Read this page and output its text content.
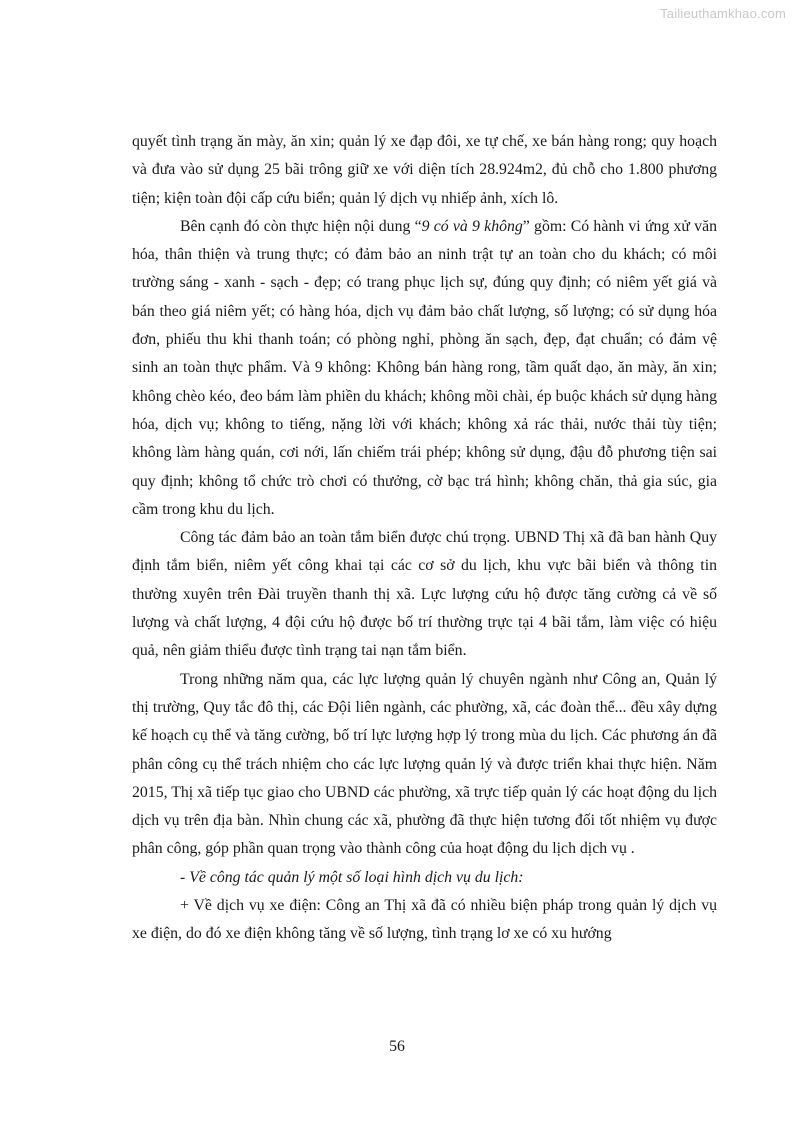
Tailieuthamkhao.com

quyết tình trạng ăn mày, ăn xin; quản lý xe đạp đôi, xe tự chế, xe bán hàng rong; quy hoạch và đưa vào sử dụng 25 bãi trông giữ xe với diện tích 28.924m2, đủ chỗ cho 1.800 phương tiện; kiện toàn đội cấp cứu biển; quản lý dịch vụ nhiếp ảnh, xích lô.

Bên cạnh đó còn thực hiện nội dung “9 có và 9 không” gồm: Có hành vi ứng xử văn hóa, thân thiện và trung thực; có đảm bảo an ninh trật tự an toàn cho du khách; có môi trường sáng - xanh - sạch - đẹp; có trang phục lịch sự, đúng quy định; có niêm yết giá và bán theo giá niêm yết; có hàng hóa, dịch vụ đảm bảo chất lượng, số lượng; có sử dụng hóa đơn, phiếu thu khi thanh toán; có phòng nghỉ, phòng ăn sạch, đẹp, đạt chuẩn; có đảm vệ sinh an toàn thực phẩm. Và 9 không: Không bán hàng rong, tầm quất dạo, ăn mày, ăn xin; không chèo kéo, đeo bám làm phiền du khách; không mồi chài, ép buộc khách sử dụng hàng hóa, dịch vụ; không to tiếng, nặng lời với khách; không xả rác thải, nước thải tùy tiện; không làm hàng quán, cơi nới, lấn chiếm trái phép; không sử dụng, đậu đỗ phương tiện sai quy định; không tổ chức trò chơi có thưởng, cờ bạc trá hình; không chăn, thả gia súc, gia cầm trong khu du lịch.

Công tác đảm bảo an toàn tắm biển được chú trọng. UBND Thị xã đã ban hành Quy định tắm biển, niêm yết công khai tại các cơ sở du lịch, khu vực bãi biển và thông tin thường xuyên trên Đài truyền thanh thị xã. Lực lượng cứu hộ được tăng cường cả về số lượng và chất lượng, 4 đội cứu hộ được bố trí thường trực tại 4 bãi tắm, làm việc có hiệu quả, nên giảm thiểu được tình trạng tai nạn tắm biển.

Trong những năm qua, các lực lượng quản lý chuyên ngành như Công an, Quản lý thị trường, Quy tắc đô thị, các Đội liên ngành, các phường, xã, các đoàn thể... đều xây dựng kế hoạch cụ thể và tăng cường, bố trí lực lượng hợp lý trong mùa du lịch. Các phương án đã phân công cụ thể trách nhiệm cho các lực lượng quản lý và được triển khai thực hiện. Năm 2015, Thị xã tiếp tục giao cho UBND các phường, xã trực tiếp quản lý các hoạt động du lịch dịch vụ trên địa bàn. Nhìn chung các xã, phường đã thực hiện tương đối tốt nhiệm vụ được phân công, góp phần quan trọng vào thành công của hoạt động du lịch dịch vụ .

- Về công tác quản lý một số loại hình dịch vụ du lịch:

+ Về dịch vụ xe điện: Công an Thị xã đã có nhiều biện pháp trong quản lý dịch vụ xe điện, do đó xe điện không tăng về số lượng, tình trạng lơ xe có xu hướng

56
